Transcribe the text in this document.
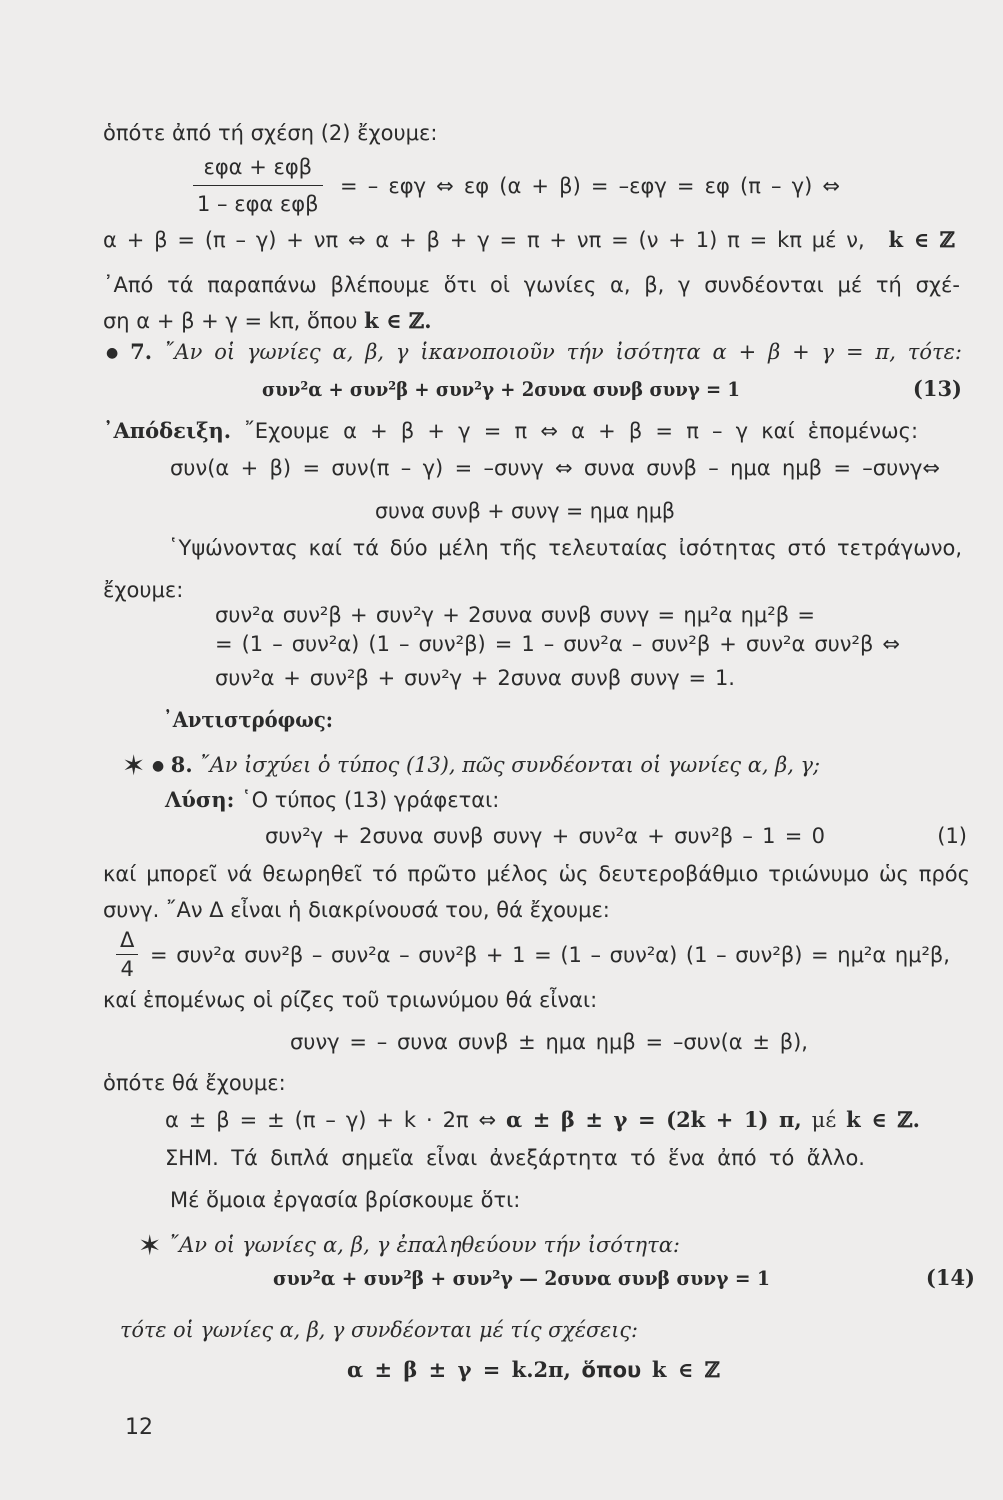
ὁπότε ἀπό τή σχέση (2) ἔχουμε:
εφα + εφβ
1 – εφα εφβ
= – εφγ ⇔ εφ (α + β) = –εφγ = εφ (π – γ) ⇔
α + β = (π – γ) + νπ ⇔ α + β + γ = π + νπ = (ν + 1) π = kπ μέ ν, k ∈ ℤ
᾿Από τά παραπάνω βλέπουμε ὅτι οἱ γωνίες α, β, γ συνδέονται μέ τή σχέ-
ση α + β + γ = kπ, ὅπου k ∈ ℤ.
● 7. ῎Αν οἱ γωνίες α, β, γ ἱκανοποιοῦν τήν ἰσότητα α + β + γ = π, τότε:
συν²α + συν²β + συν²γ + 2συνα συνβ συνγ = 1	(13)
᾿Απόδειξη. ῎Εχουμε α + β + γ = π ⇔ α + β = π – γ καί ἑπομένως:
συν(α + β) = συν(π – γ) = –συνγ ⇔ συνα συνβ – ημα ημβ = –συνγ⇔
συνα συνβ + συνγ = ημα ημβ
῾Υψώνοντας καί τά δύο μέλη τῆς τελευταίας ἰσότητας στό τετράγωνο,
ἔχουμε:
συν²α συν²β + συν²γ + 2συνα συνβ συνγ = ημ²α ημ²β =
= (1 – συν²α) (1 – συν²β) = 1 – συν²α – συν²β + συν²α συν²β ⇔
συν²α + συν²β + συν²γ + 2συνα συνβ συνγ = 1.
᾿Αντιστρόφως:
✶ ● 8. ῎Αν ἰσχύει ὁ τύπος (13), πῶς συνδέονται οἱ γωνίες α, β, γ;
Λύση: ῾Ο τύπος (13) γράφεται:
συν²γ + 2συνα συνβ συνγ + συν²α + συν²β – 1 = 0	(1)
καί μπορεῖ νά θεωρηθεῖ τό πρῶτο μέλος ὡς δευτεροβάθμιο τριώνυμο ὡς πρός
συνγ. ῎Αν Δ εἶναι ἡ διακρίνουσά του, θά ἔχουμε:
$\frac{\Delta}{4} = \sigma\upsilon\nu^2\alpha$ συν²β – συν²α – συν²β + 1 = (1 – συν²α) (1 – συν²β) = ημ²α ημ²β,
καί ἑπομένως οἱ ρίζες τοῦ τριωνύμου θά εἶναι:
συνγ = – συνα συνβ ± ημα ημβ = –συν(α ± β),
ὁπότε θά ἔχουμε:
α ± β = ± (π – γ) + k · 2π ⇔ α ± β ± γ = (2k + 1) π, μέ k ∈ ℤ.
ΣΗΜ. Τά διπλά σημεῖα εἶναι ἀνεξάρτητα τό ἕνα ἀπό τό ἄλλο.
Μέ ὅμοια ἐργασία βρίσκουμε ὅτι:
✶ ῎Αν οἱ γωνίες α, β, γ ἐπαληθεύουν τήν ἰσότητα:
συν²α + συν²β + συν²γ — 2συνα συνβ συνγ = 1	(14)
τότε οἱ γωνίες α, β, γ συνδέονται μέ τίς σχέσεις:
α ± β ± γ = k.2π, ὅπου k ∈ ℤ
12
